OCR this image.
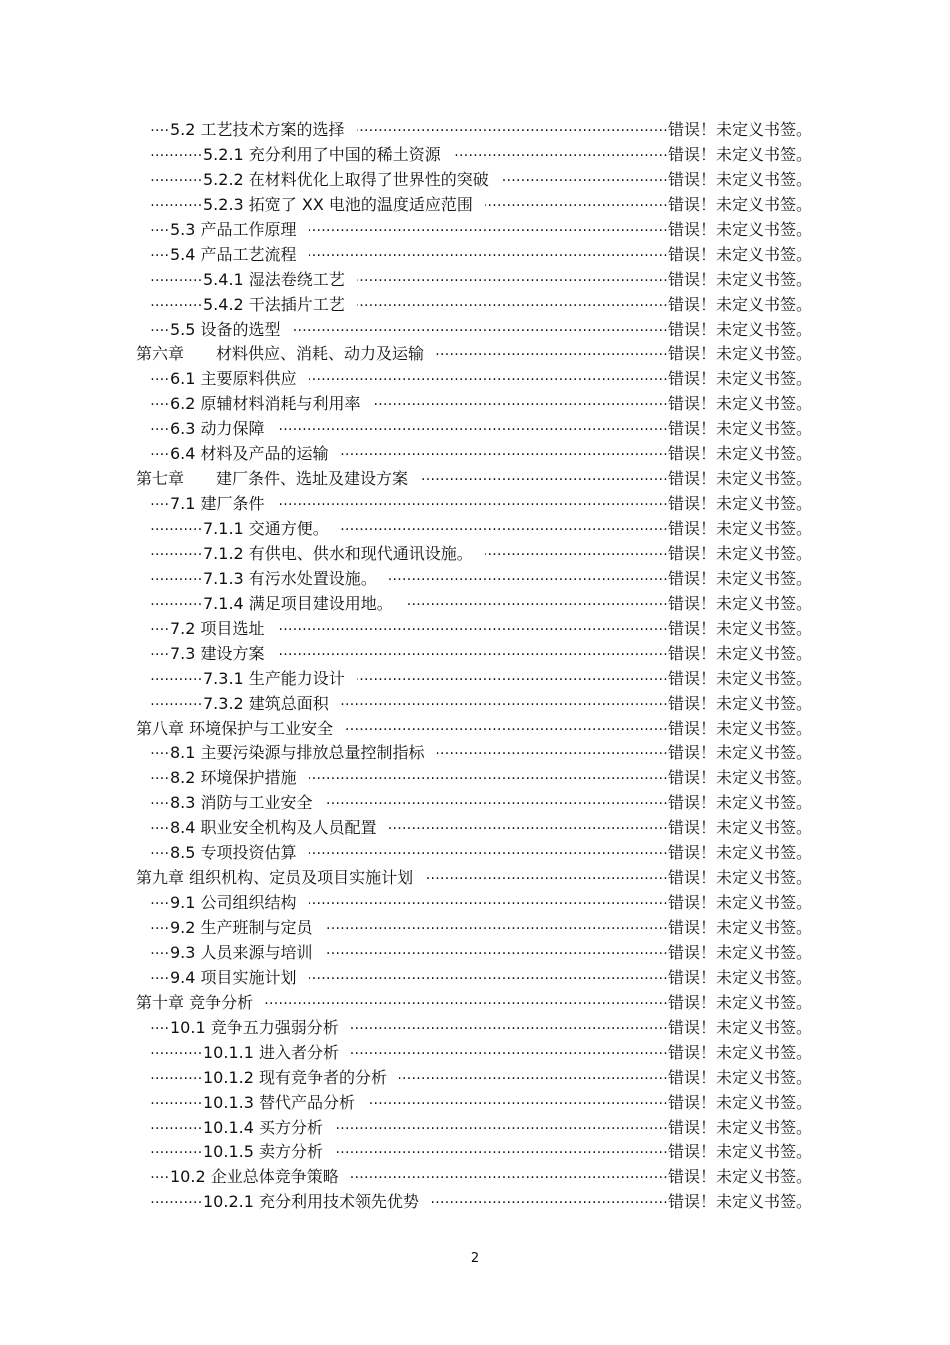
.....
5.2 工艺技术方案的选择	错误！未定义书签。
.....
5.2.1 充分利用了中国的稀土资源	错误！未定义书签。
.....
5.2.2 在材料优化上取得了世界性的突破	错误！未定义书签。
.....
5.2.3 拓宽了 XX 电池的温度适应范围	错误！未定义书签。
.....
5.3 产品工作原理	错误！未定义书签。
.....
5.4 产品工艺流程	错误！未定义书签。
.....
5.4.1 湿法卷绕工艺	错误！未定义书签。
.....
5.4.2 干法插片工艺	错误！未定义书签。
.....
5.5 设备的选型	错误！未定义书签。
.....
第六章　　材料供应、消耗、动力及运输	错误！未定义书签。
.....
6.1 主要原料供应	错误！未定义书签。
.....
6.2 原辅材料消耗与利用率	错误！未定义书签。
.....
6.3 动力保障	错误！未定义书签。
.....
6.4 材料及产品的运输	错误！未定义书签。
.....
第七章　　建厂条件、选址及建设方案	错误！未定义书签。
.....
7.1 建厂条件	错误！未定义书签。
.....
7.1.1 交通方便。	错误！未定义书签。
.....
7.1.2 有供电、供水和现代通讯设施。	错误！未定义书签。
.....
7.1.3 有污水处置设施。	错误！未定义书签。
.....
7.1.4 满足项目建设用地。	错误！未定义书签。
.....
7.2 项目选址	错误！未定义书签。
.....
7.3 建设方案	错误！未定义书签。
.....
7.3.1 生产能力设计	错误！未定义书签。
.....
7.3.2 建筑总面积	错误！未定义书签。
.....
第八章 环境保护与工业安全	错误！未定义书签。
.....
8.1 主要污染源与排放总量控制指标	错误！未定义书签。
.....
8.2 环境保护措施	错误！未定义书签。
.....
8.3 消防与工业安全	错误！未定义书签。
.....
8.4 职业安全机构及人员配置	错误！未定义书签。
.....
8.5 专项投资估算	错误！未定义书签。
.....
第九章 组织机构、定员及项目实施计划	错误！未定义书签。
.....
9.1 公司组织结构	错误！未定义书签。
.....
9.2 生产班制与定员	错误！未定义书签。
.....
9.3 人员来源与培训	错误！未定义书签。
.....
9.4 项目实施计划	错误！未定义书签。
.....
第十章 竞争分析	错误！未定义书签。
.....
10.1 竞争五力强弱分析	错误！未定义书签。
.....
10.1.1 进入者分析	错误！未定义书签。
.....
10.1.2 现有竞争者的分析	错误！未定义书签。
.....
10.1.3 替代产品分析	错误！未定义书签。
.....
10.1.4 买方分析	错误！未定义书签。
.....
10.1.5 卖方分析	错误！未定义书签。
.....
10.2 企业总体竞争策略	错误！未定义书签。
.....
10.2.1 充分利用技术领先优势	错误！未定义书签。
2
